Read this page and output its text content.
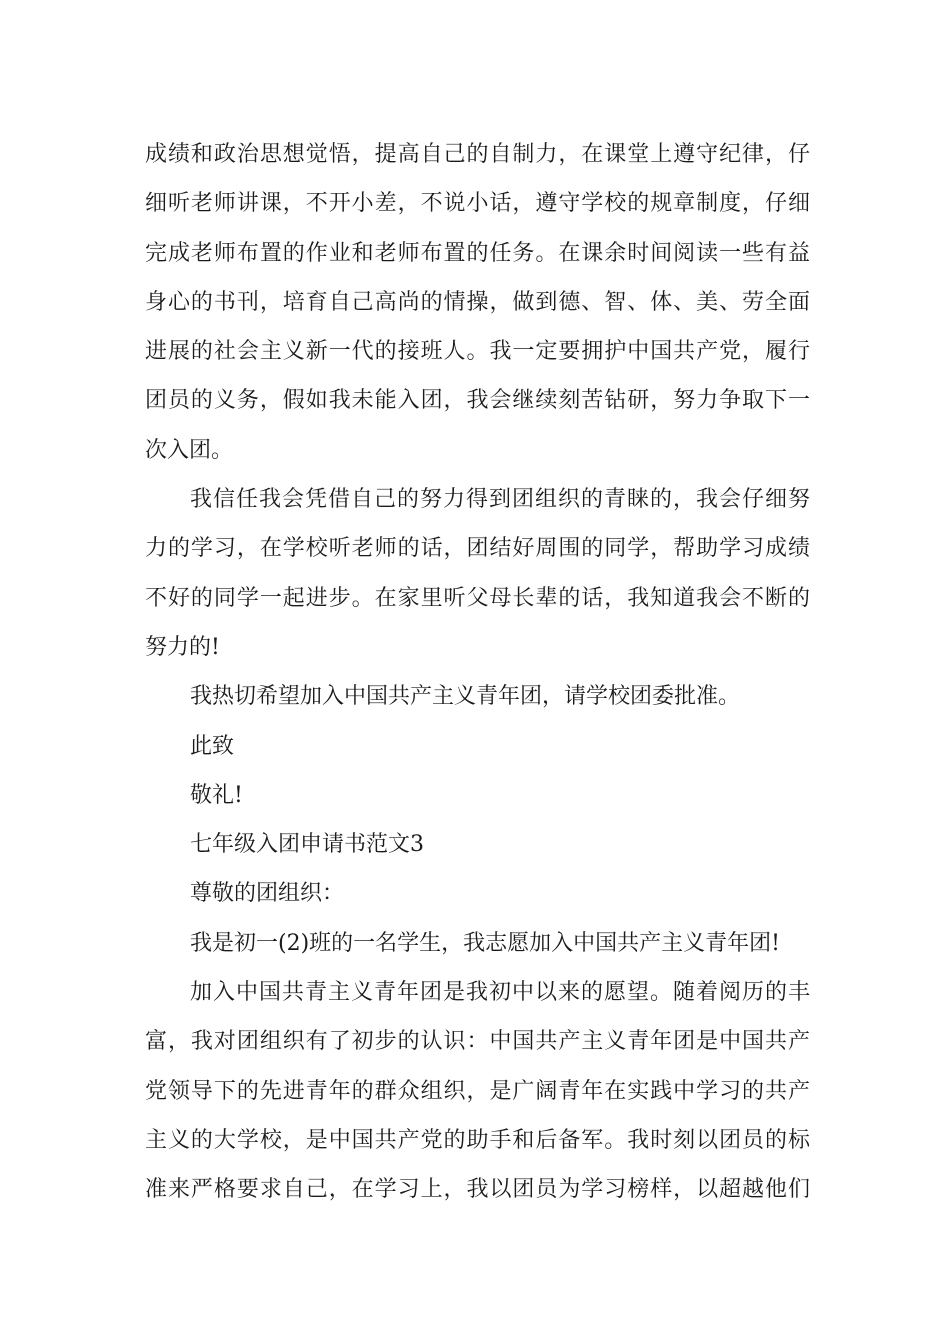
成绩和政治思想觉悟，提高自己的自制力，在课堂上遵守纪律，仔
细听老师讲课，不开小差，不说小话，遵守学校的规章制度，仔细
完成老师布置的作业和老师布置的任务。在课余时间阅读一些有益
身心的书刊，培育自己高尚的情操，做到德、智、体、美、劳全面
进展的社会主义新一代的接班人。我一定要拥护中国共产党，履行
团员的义务，假如我未能入团，我会继续刻苦钻研，努力争取下一
次入团。
我信任我会凭借自己的努力得到团组织的青睐的，我会仔细努
力的学习，在学校听老师的话，团结好周围的同学，帮助学习成绩
不好的同学一起进步。在家里听父母长辈的话，我知道我会不断的
努力的!
我热切希望加入中国共产主义青年团，请学校团委批准。
此致
敬礼!
七年级入团申请书范文3
尊敬的团组织：
我是初一(2)班的一名学生，我志愿加入中国共产主义青年团!
加入中国共青主义青年团是我初中以来的愿望。随着阅历的丰
富，我对团组织有了初步的认识：中国共产主义青年团是中国共产
党领导下的先进青年的群众组织，是广阔青年在实践中学习的共产
主义的大学校，是中国共产党的助手和后备军。我时刻以团员的标
准来严格要求自己，在学习上，我以团员为学习榜样，以超越他们
